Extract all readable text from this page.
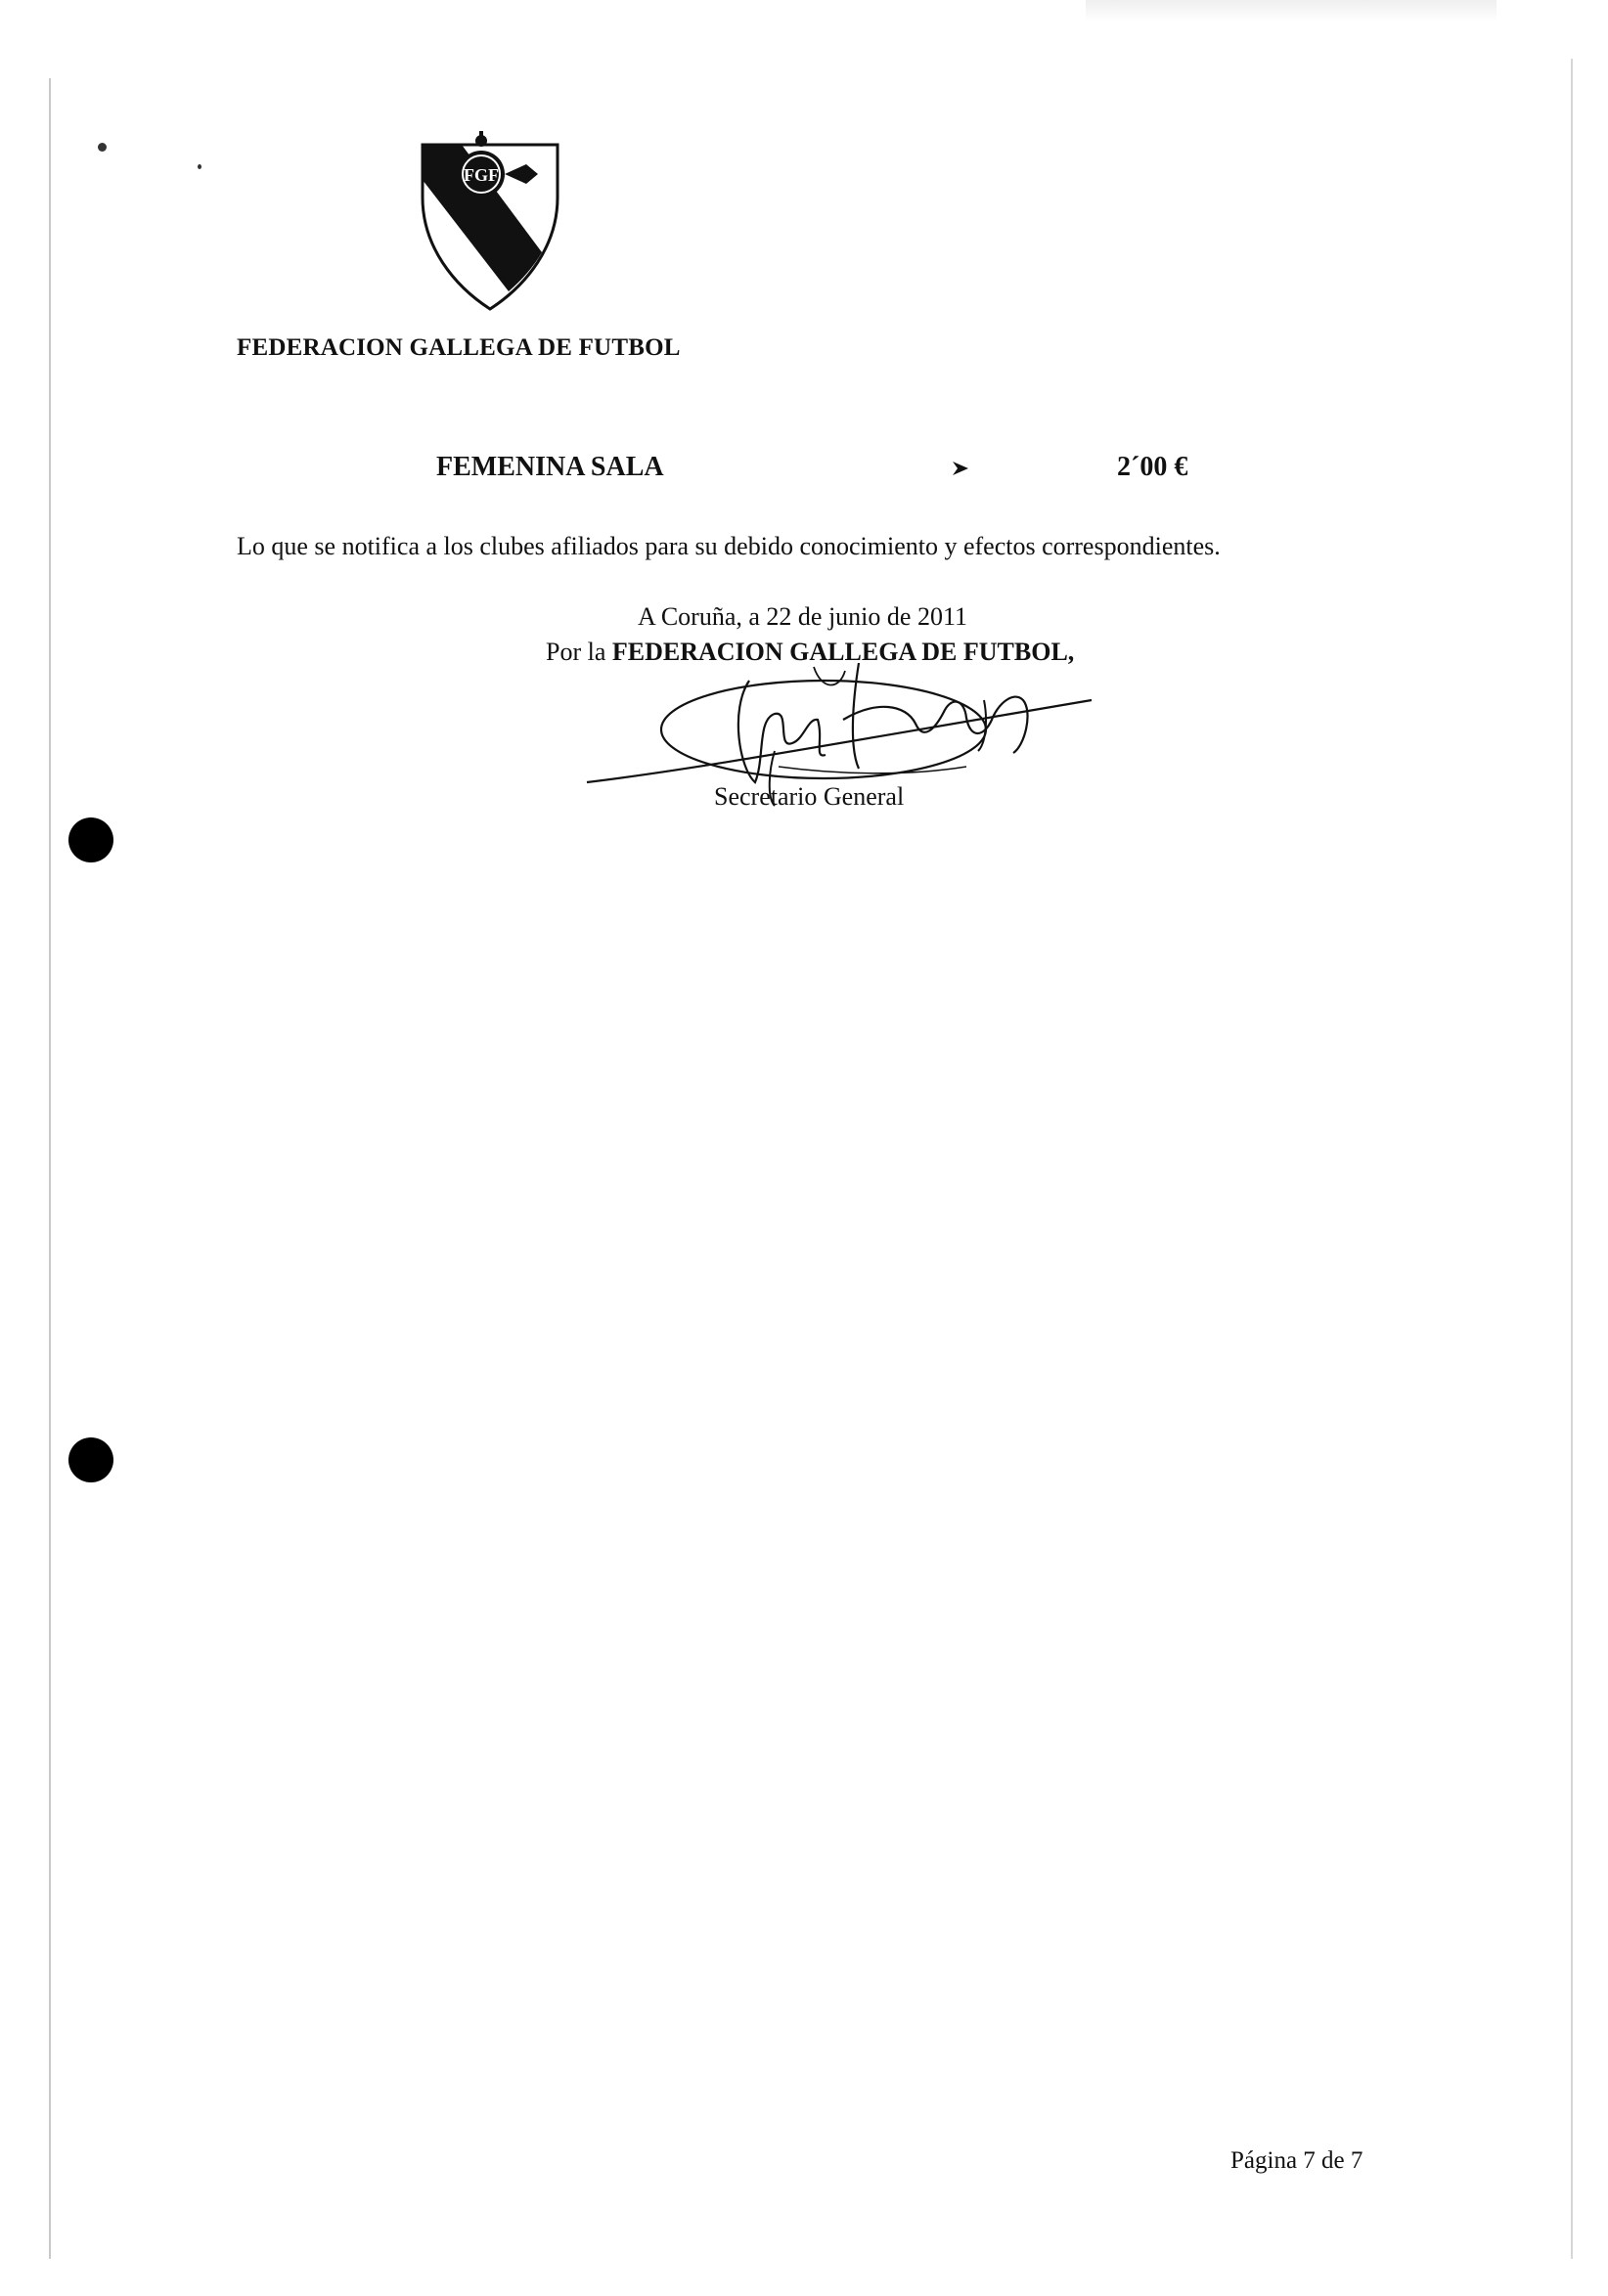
FGF
FEDERACION GALLEGA DE FUTBOL
FEMENINA SALA	2´00 €
Lo que se notifica a los clubes afiliados para su debido conocimiento y efectos correspondientes.
A Coruña, a 22 de junio de 2011
Por la FEDERACION GALLEGA DE FUTBOL,
Secretario General
Página 7 de 7
